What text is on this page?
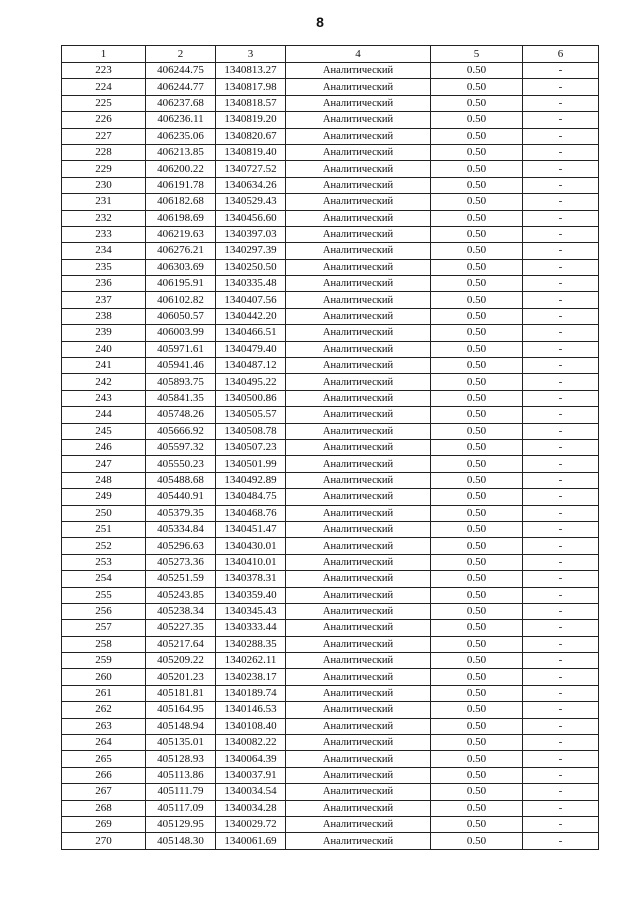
8
1	2	3	4	5	6
223	406244.75	1340813.27	Аналитический	0.50	-
224	406244.77	1340817.98	Аналитический	0.50	-
225	406237.68	1340818.57	Аналитический	0.50	-
226	406236.11	1340819.20	Аналитический	0.50	-
227	406235.06	1340820.67	Аналитический	0.50	-
228	406213.85	1340819.40	Аналитический	0.50	-
229	406200.22	1340727.52	Аналитический	0.50	-
230	406191.78	1340634.26	Аналитический	0.50	-
231	406182.68	1340529.43	Аналитический	0.50	-
232	406198.69	1340456.60	Аналитический	0.50	-
233	406219.63	1340397.03	Аналитический	0.50	-
234	406276.21	1340297.39	Аналитический	0.50	-
235	406303.69	1340250.50	Аналитический	0.50	-
236	406195.91	1340335.48	Аналитический	0.50	-
237	406102.82	1340407.56	Аналитический	0.50	-
238	406050.57	1340442.20	Аналитический	0.50	-
239	406003.99	1340466.51	Аналитический	0.50	-
240	405971.61	1340479.40	Аналитический	0.50	-
241	405941.46	1340487.12	Аналитический	0.50	-
242	405893.75	1340495.22	Аналитический	0.50	-
243	405841.35	1340500.86	Аналитический	0.50	-
244	405748.26	1340505.57	Аналитический	0.50	-
245	405666.92	1340508.78	Аналитический	0.50	-
246	405597.32	1340507.23	Аналитический	0.50	-
247	405550.23	1340501.99	Аналитический	0.50	-
248	405488.68	1340492.89	Аналитический	0.50	-
249	405440.91	1340484.75	Аналитический	0.50	-
250	405379.35	1340468.76	Аналитический	0.50	-
251	405334.84	1340451.47	Аналитический	0.50	-
252	405296.63	1340430.01	Аналитический	0.50	-
253	405273.36	1340410.01	Аналитический	0.50	-
254	405251.59	1340378.31	Аналитический	0.50	-
255	405243.85	1340359.40	Аналитический	0.50	-
256	405238.34	1340345.43	Аналитический	0.50	-
257	405227.35	1340333.44	Аналитический	0.50	-
258	405217.64	1340288.35	Аналитический	0.50	-
259	405209.22	1340262.11	Аналитический	0.50	-
260	405201.23	1340238.17	Аналитический	0.50	-
261	405181.81	1340189.74	Аналитический	0.50	-
262	405164.95	1340146.53	Аналитический	0.50	-
263	405148.94	1340108.40	Аналитический	0.50	-
264	405135.01	1340082.22	Аналитический	0.50	-
265	405128.93	1340064.39	Аналитический	0.50	-
266	405113.86	1340037.91	Аналитический	0.50	-
267	405111.79	1340034.54	Аналитический	0.50	-
268	405117.09	1340034.28	Аналитический	0.50	-
269	405129.95	1340029.72	Аналитический	0.50	-
270	405148.30	1340061.69	Аналитический	0.50	-
